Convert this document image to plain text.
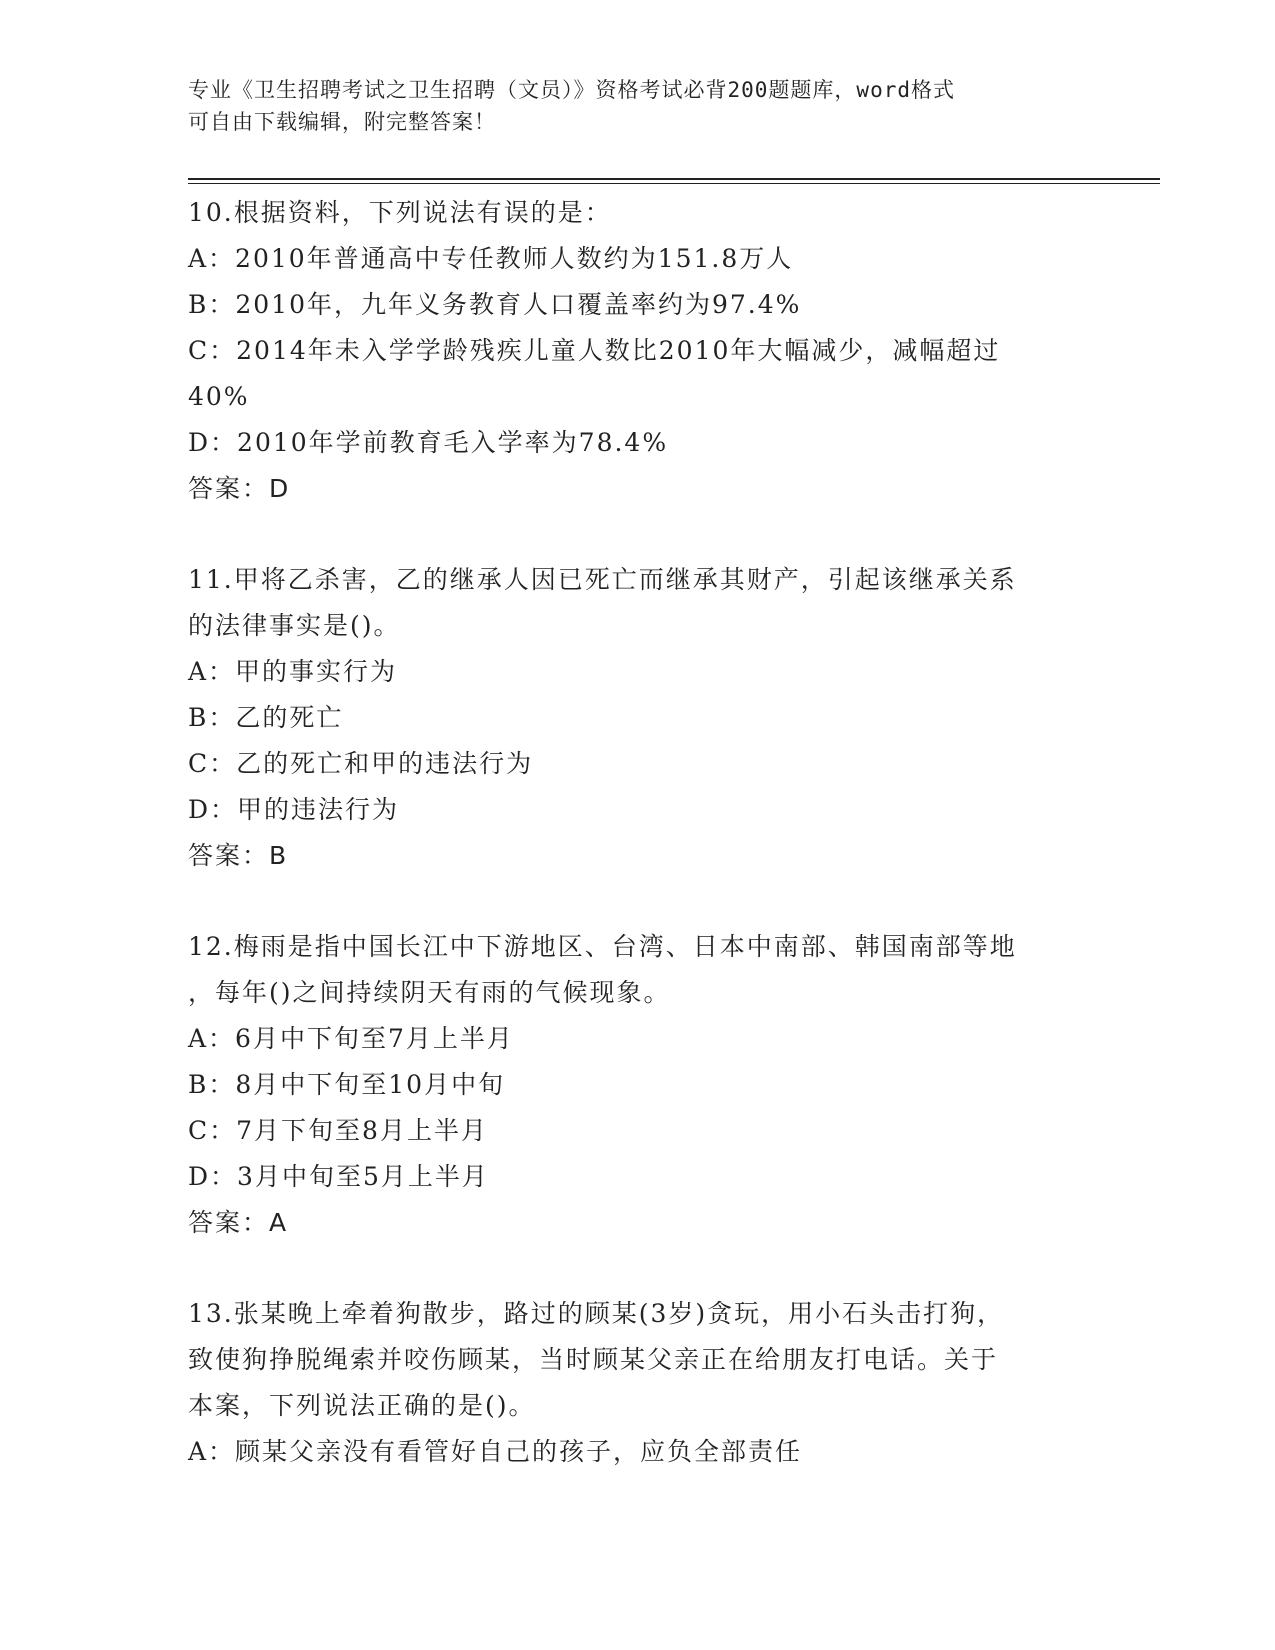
专业《卫生招聘考试之卫生招聘（文员）》资格考试必背200题题库，word格式
可自由下载编辑，附完整答案！
10.根据资料，下列说法有误的是：
A：2010年普通高中专任教师人数约为151.8万人
B：2010年，九年义务教育人口覆盖率约为97.4%
C：2014年未入学学龄残疾儿童人数比2010年大幅减少，减幅超过
40%
D：2010年学前教育毛入学率为78.4%
答案：D
11.甲将乙杀害，乙的继承人因已死亡而继承其财产，引起该继承关系
的法律事实是()。
A：甲的事实行为
B：乙的死亡
C：乙的死亡和甲的违法行为
D：甲的违法行为
答案：B
12.梅雨是指中国长江中下游地区、台湾、日本中南部、韩国南部等地
，每年()之间持续阴天有雨的气候现象。
A：6月中下旬至7月上半月
B：8月中下旬至10月中旬
C：7月下旬至8月上半月
D：3月中旬至5月上半月
答案：A
13.张某晚上牵着狗散步，路过的顾某(3岁)贪玩，用小石头击打狗，
致使狗挣脱绳索并咬伤顾某，当时顾某父亲正在给朋友打电话。关于
本案，下列说法正确的是()。
A：顾某父亲没有看管好自己的孩子，应负全部责任
